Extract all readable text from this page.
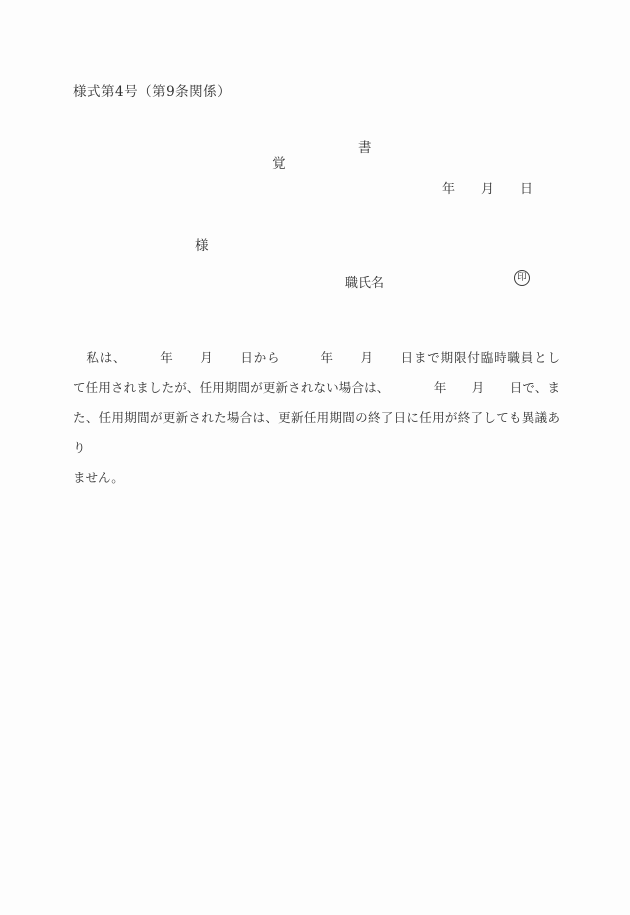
様式第4号（第9条関係）

覚

書

年　　月　　日
様
職氏名	印
　私は、　　　年　　月　　日から　　　年　　月　　日まで期限付臨時職員とし
て任用されましたが、任用期間が更新されない場合は、　　　　年　　月　　日で、ま
た、任用期間が更新された場合は、更新任用期間の終了日に任用が終了しても異議あり
ません。
